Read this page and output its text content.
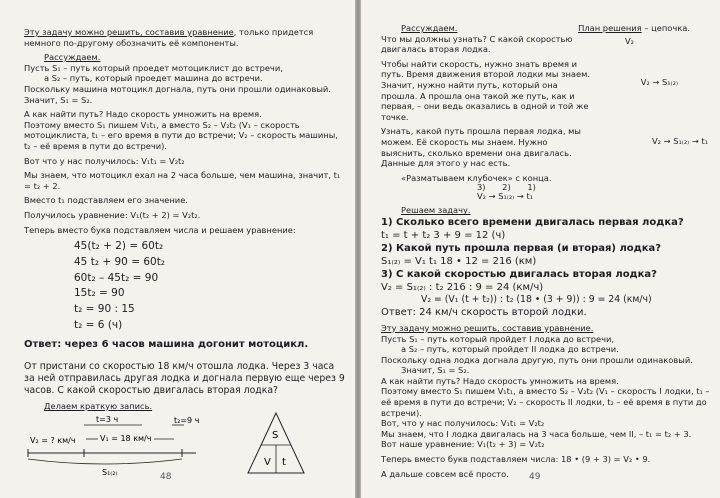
Эту задачу можно решить, составив уравнение, только придется немного по-другому обозначить её компоненты.

Рассуждаем.

Пусть S₁ – путь который проедет мотоциклист до встречи,

а S₂ – путь, который проедет машина до встречи.

Поскольку машина мотоцикл догнала, путь они прошли одинаковый.

Значит, S₁ = S₂.

А как найти путь? Надо скорость умножить на время.

Поэтому вместо S₁ пишем V₁t₁, а вместо S₂ – V₂t₂ (V₁ – скорость мотоциклиста, t₁ – его время в пути до встречи; V₂ – скорость машины, t₂ – её время в пути до встречи).

Вот что у нас получилось: V₁t₁ = V₂t₂

Мы знаем, что мотоцикл ехал на 2 часа больше, чем машина, значит, t₁ = t₂ + 2.

Вместо t₁ подставляем его значение.

Получилось уравнение: V₁(t₂ + 2) = V₂t₂.

Теперь вместо букв подставляем числа и решаем уравнение:

45(t₂ + 2) = 60t₂
45 t₂ + 90 = 60t₂
60t₂ – 45t₂ = 90
15t₂ = 90
t₂ = 90 : 15
t₂ = 6 (ч)

Ответ: через 6 часов машина догонит мотоцикл.

От пристани со скоростью 18 км/ч отошла лодка. Через 3 часа за ней отправилась другая лодка и догнала первую еще через 9 часов. С какой скоростью двигалась вторая лодка?

Делаем краткую запись.

t=3 ч
V₂ = ? км/ч	V₁ = 18 км/ч
t₂=9 ч
S₁₍₂₎
S
V t
48

Рассуждаем.	План решения – цепочка.

Что мы должны узнать? С какой скоростью двигалась вторая лодка.

V₂

Чтобы найти скорость, нужно знать время и путь. Время движения второй лодки мы знаем. Значит, нужно найти путь, который она прошла. А прошла она такой же путь, как и первая, – они ведь оказались в одной и той же точке.

V₂ → S₁₍₂₎

Узнать, какой путь прошла первая лодка, мы можем. Её скорость мы знаем. Нужно выяснить, сколько времени она двигалась.

V₂ → S₁₍₂₎ → t₁

Данные для этого у нас есть.

«Разматываем клубочек» с конца.

3) 2) 1)
V₂ → S₁₍₂₎ → t₁

Решаем задачу.

1) Сколько всего времени двигалась первая лодка?

t₁ = t + t₂ 3 + 9 = 12 (ч)

2) Какой путь прошла первая (и вторая) лодка?

S₁₍₂₎ = V₁ t₁ 18 • 12 = 216 (км)

3) С какой скоростью двигалась вторая лодка?

V₂ = S₁₍₂₎ : t₂ 216 : 9 = 24 (км/ч)

V₂ = (V₁ (t + t₂)) : t₂ (18 • (3 + 9)) : 9 = 24 (км/ч)

Ответ: 24 км/ч скорость второй лодки.

Эту задачу можно решить, составив уравнение.

Пусть S₁ – путь который пройдет I лодка до встречи,

а S₂ – путь, который пройдет II лодка до встречи.

Поскольку одна лодка догнала другую, путь они прошли одинаковый.

Значит, S₁ = S₂.

А как найти путь? Надо скорость умножить на время.

Поэтому вместо S₁ пишем V₁t₁, а вместо S₂ – V₂t₂ (V₁ – скорость I лодки, t₁ – её время в пути до встречи; V₂ – скорость II лодки, t₂ – её время в пути до встречи).

Вот, что у нас получилось: V₁t₁ = V₂t₂

Мы знаем, что I лодка двигалась на 3 часа больше, чем II, – t₁ = t₂ + 3.

Вот наше уравнение: V₁(t₂ + 3) = V₂t₂

Теперь вместо букв подставляем числа: 18 • (9 + 3) = V₂ • 9.

А дальше совсем всё просто.	49
